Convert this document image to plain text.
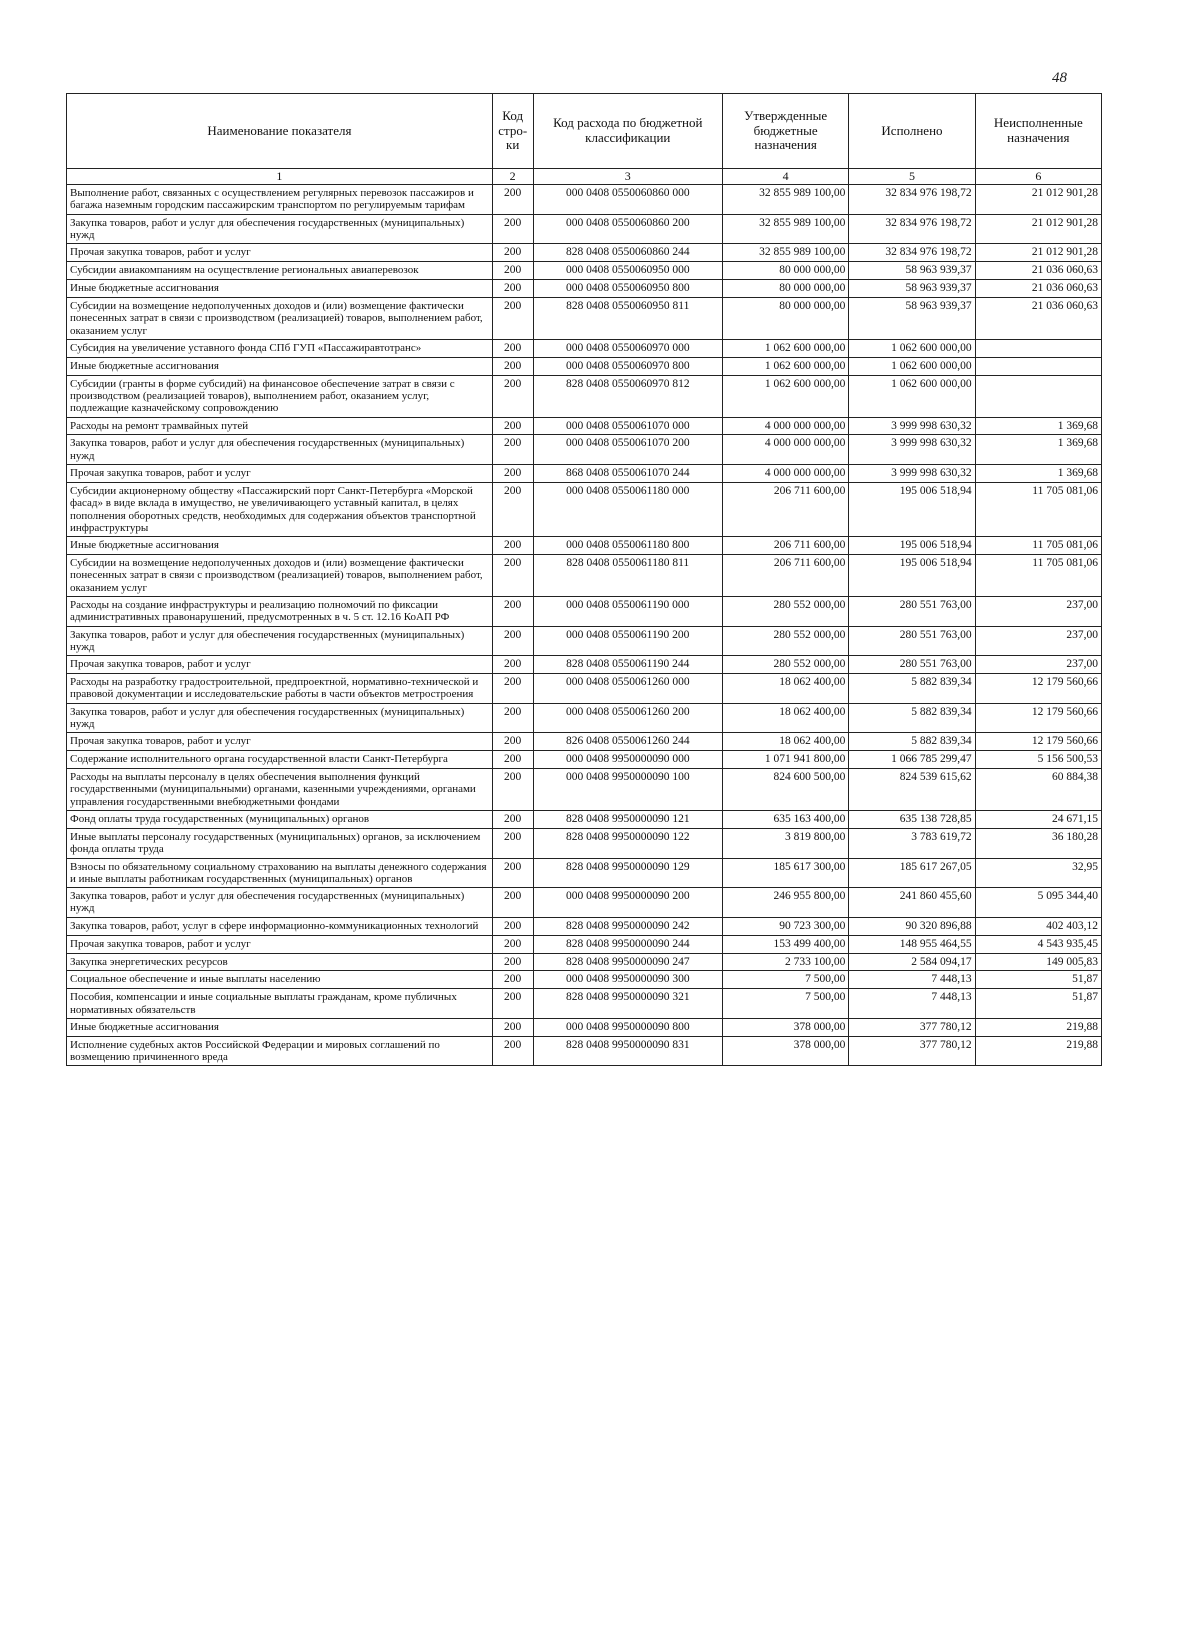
48
Наименование показателя	Код стро-ки	Код расхода по бюджетной классификации	Утвержденные бюджетные назначения	Исполнено	Неисполненные назначения
1	2	3	4	5	6
Выполнение работ, связанных с осуществлением регулярных перевозок пассажиров и багажа наземным городским пассажирским транспортом по регулируемым тарифам	200	000 0408 0550060860 000	32 855 989 100,00	32 834 976 198,72	21 012 901,28
Закупка товаров, работ и услуг для обеспечения государственных (муниципальных) нужд	200	000 0408 0550060860 200	32 855 989 100,00	32 834 976 198,72	21 012 901,28
Прочая закупка товаров, работ и услуг	200	828 0408 0550060860 244	32 855 989 100,00	32 834 976 198,72	21 012 901,28
Субсидии авиакомпаниям на осуществление региональных авиаперевозок	200	000 0408 0550060950 000	80 000 000,00	58 963 939,37	21 036 060,63
Иные бюджетные ассигнования	200	000 0408 0550060950 800	80 000 000,00	58 963 939,37	21 036 060,63
Субсидии на возмещение недополученных доходов и (или) возмещение фактически понесенных затрат в связи с производством (реализацией) товаров, выполнением работ, оказанием услуг	200	828 0408 0550060950 811	80 000 000,00	58 963 939,37	21 036 060,63
Субсидия на увеличение уставного фонда СПб ГУП «Пассажиравтотранс»	200	000 0408 0550060970 000	1 062 600 000,00	1 062 600 000,00	
Иные бюджетные ассигнования	200	000 0408 0550060970 800	1 062 600 000,00	1 062 600 000,00	
Субсидии (гранты в форме субсидий) на финансовое обеспечение затрат в связи с производством (реализацией товаров), выполнением работ, оказанием услуг, подлежащие казначейскому сопровождению	200	828 0408 0550060970 812	1 062 600 000,00	1 062 600 000,00	
Расходы на ремонт трамвайных путей	200	000 0408 0550061070 000	4 000 000 000,00	3 999 998 630,32	1 369,68
Закупка товаров, работ и услуг для обеспечения государственных (муниципальных) нужд	200	000 0408 0550061070 200	4 000 000 000,00	3 999 998 630,32	1 369,68
Прочая закупка товаров, работ и услуг	200	868 0408 0550061070 244	4 000 000 000,00	3 999 998 630,32	1 369,68
Субсидии акционерному обществу «Пассажирский порт Санкт-Петербурга «Морской фасад» в виде вклада в имущество, не увеличивающего уставный капитал, в целях пополнения оборотных средств, необходимых для содержания объектов транспортной инфраструктуры	200	000 0408 0550061180 000	206 711 600,00	195 006 518,94	11 705 081,06
Иные бюджетные ассигнования	200	000 0408 0550061180 800	206 711 600,00	195 006 518,94	11 705 081,06
Субсидии на возмещение недополученных доходов и (или) возмещение фактически понесенных затрат в связи с производством (реализацией) товаров, выполнением работ, оказанием услуг	200	828 0408 0550061180 811	206 711 600,00	195 006 518,94	11 705 081,06
Расходы на создание инфраструктуры и реализацию полномочий по фиксации административных правонарушений, предусмотренных в ч. 5 ст. 12.16 КоАП РФ	200	000 0408 0550061190 000	280 552 000,00	280 551 763,00	237,00
Закупка товаров, работ и услуг для обеспечения государственных (муниципальных) нужд	200	000 0408 0550061190 200	280 552 000,00	280 551 763,00	237,00
Прочая закупка товаров, работ и услуг	200	828 0408 0550061190 244	280 552 000,00	280 551 763,00	237,00
Расходы на разработку градостроительной, предпроектной, нормативно-технической и правовой документации и исследовательские работы в части объектов метростроения	200	000 0408 0550061260 000	18 062 400,00	5 882 839,34	12 179 560,66
Закупка товаров, работ и услуг для обеспечения государственных (муниципальных) нужд	200	000 0408 0550061260 200	18 062 400,00	5 882 839,34	12 179 560,66
Прочая закупка товаров, работ и услуг	200	826 0408 0550061260 244	18 062 400,00	5 882 839,34	12 179 560,66
Содержание исполнительного органа государственной власти Санкт-Петербурга	200	000 0408 9950000090 000	1 071 941 800,00	1 066 785 299,47	5 156 500,53
Расходы на выплаты персоналу в целях обеспечения выполнения функций государственными (муниципальными) органами, казенными учреждениями, органами управления государственными внебюджетными фондами	200	000 0408 9950000090 100	824 600 500,00	824 539 615,62	60 884,38
Фонд оплаты труда государственных (муниципальных) органов	200	828 0408 9950000090 121	635 163 400,00	635 138 728,85	24 671,15
Иные выплаты персоналу государственных (муниципальных) органов, за исключением фонда оплаты труда	200	828 0408 9950000090 122	3 819 800,00	3 783 619,72	36 180,28
Взносы по обязательному социальному страхованию на выплаты денежного содержания и иные выплаты работникам государственных (муниципальных) органов	200	828 0408 9950000090 129	185 617 300,00	185 617 267,05	32,95
Закупка товаров, работ и услуг для обеспечения государственных (муниципальных) нужд	200	000 0408 9950000090 200	246 955 800,00	241 860 455,60	5 095 344,40
Закупка товаров, работ, услуг в сфере информационно-коммуникационных технологий	200	828 0408 9950000090 242	90 723 300,00	90 320 896,88	402 403,12
Прочая закупка товаров, работ и услуг	200	828 0408 9950000090 244	153 499 400,00	148 955 464,55	4 543 935,45
Закупка энергетических ресурсов	200	828 0408 9950000090 247	2 733 100,00	2 584 094,17	149 005,83
Социальное обеспечение и иные выплаты населению	200	000 0408 9950000090 300	7 500,00	7 448,13	51,87
Пособия, компенсации и иные социальные выплаты гражданам, кроме публичных нормативных обязательств	200	828 0408 9950000090 321	7 500,00	7 448,13	51,87
Иные бюджетные ассигнования	200	000 0408 9950000090 800	378 000,00	377 780,12	219,88
Исполнение судебных актов Российской Федерации и мировых соглашений по возмещению причиненного вреда	200	828 0408 9950000090 831	378 000,00	377 780,12	219,88
